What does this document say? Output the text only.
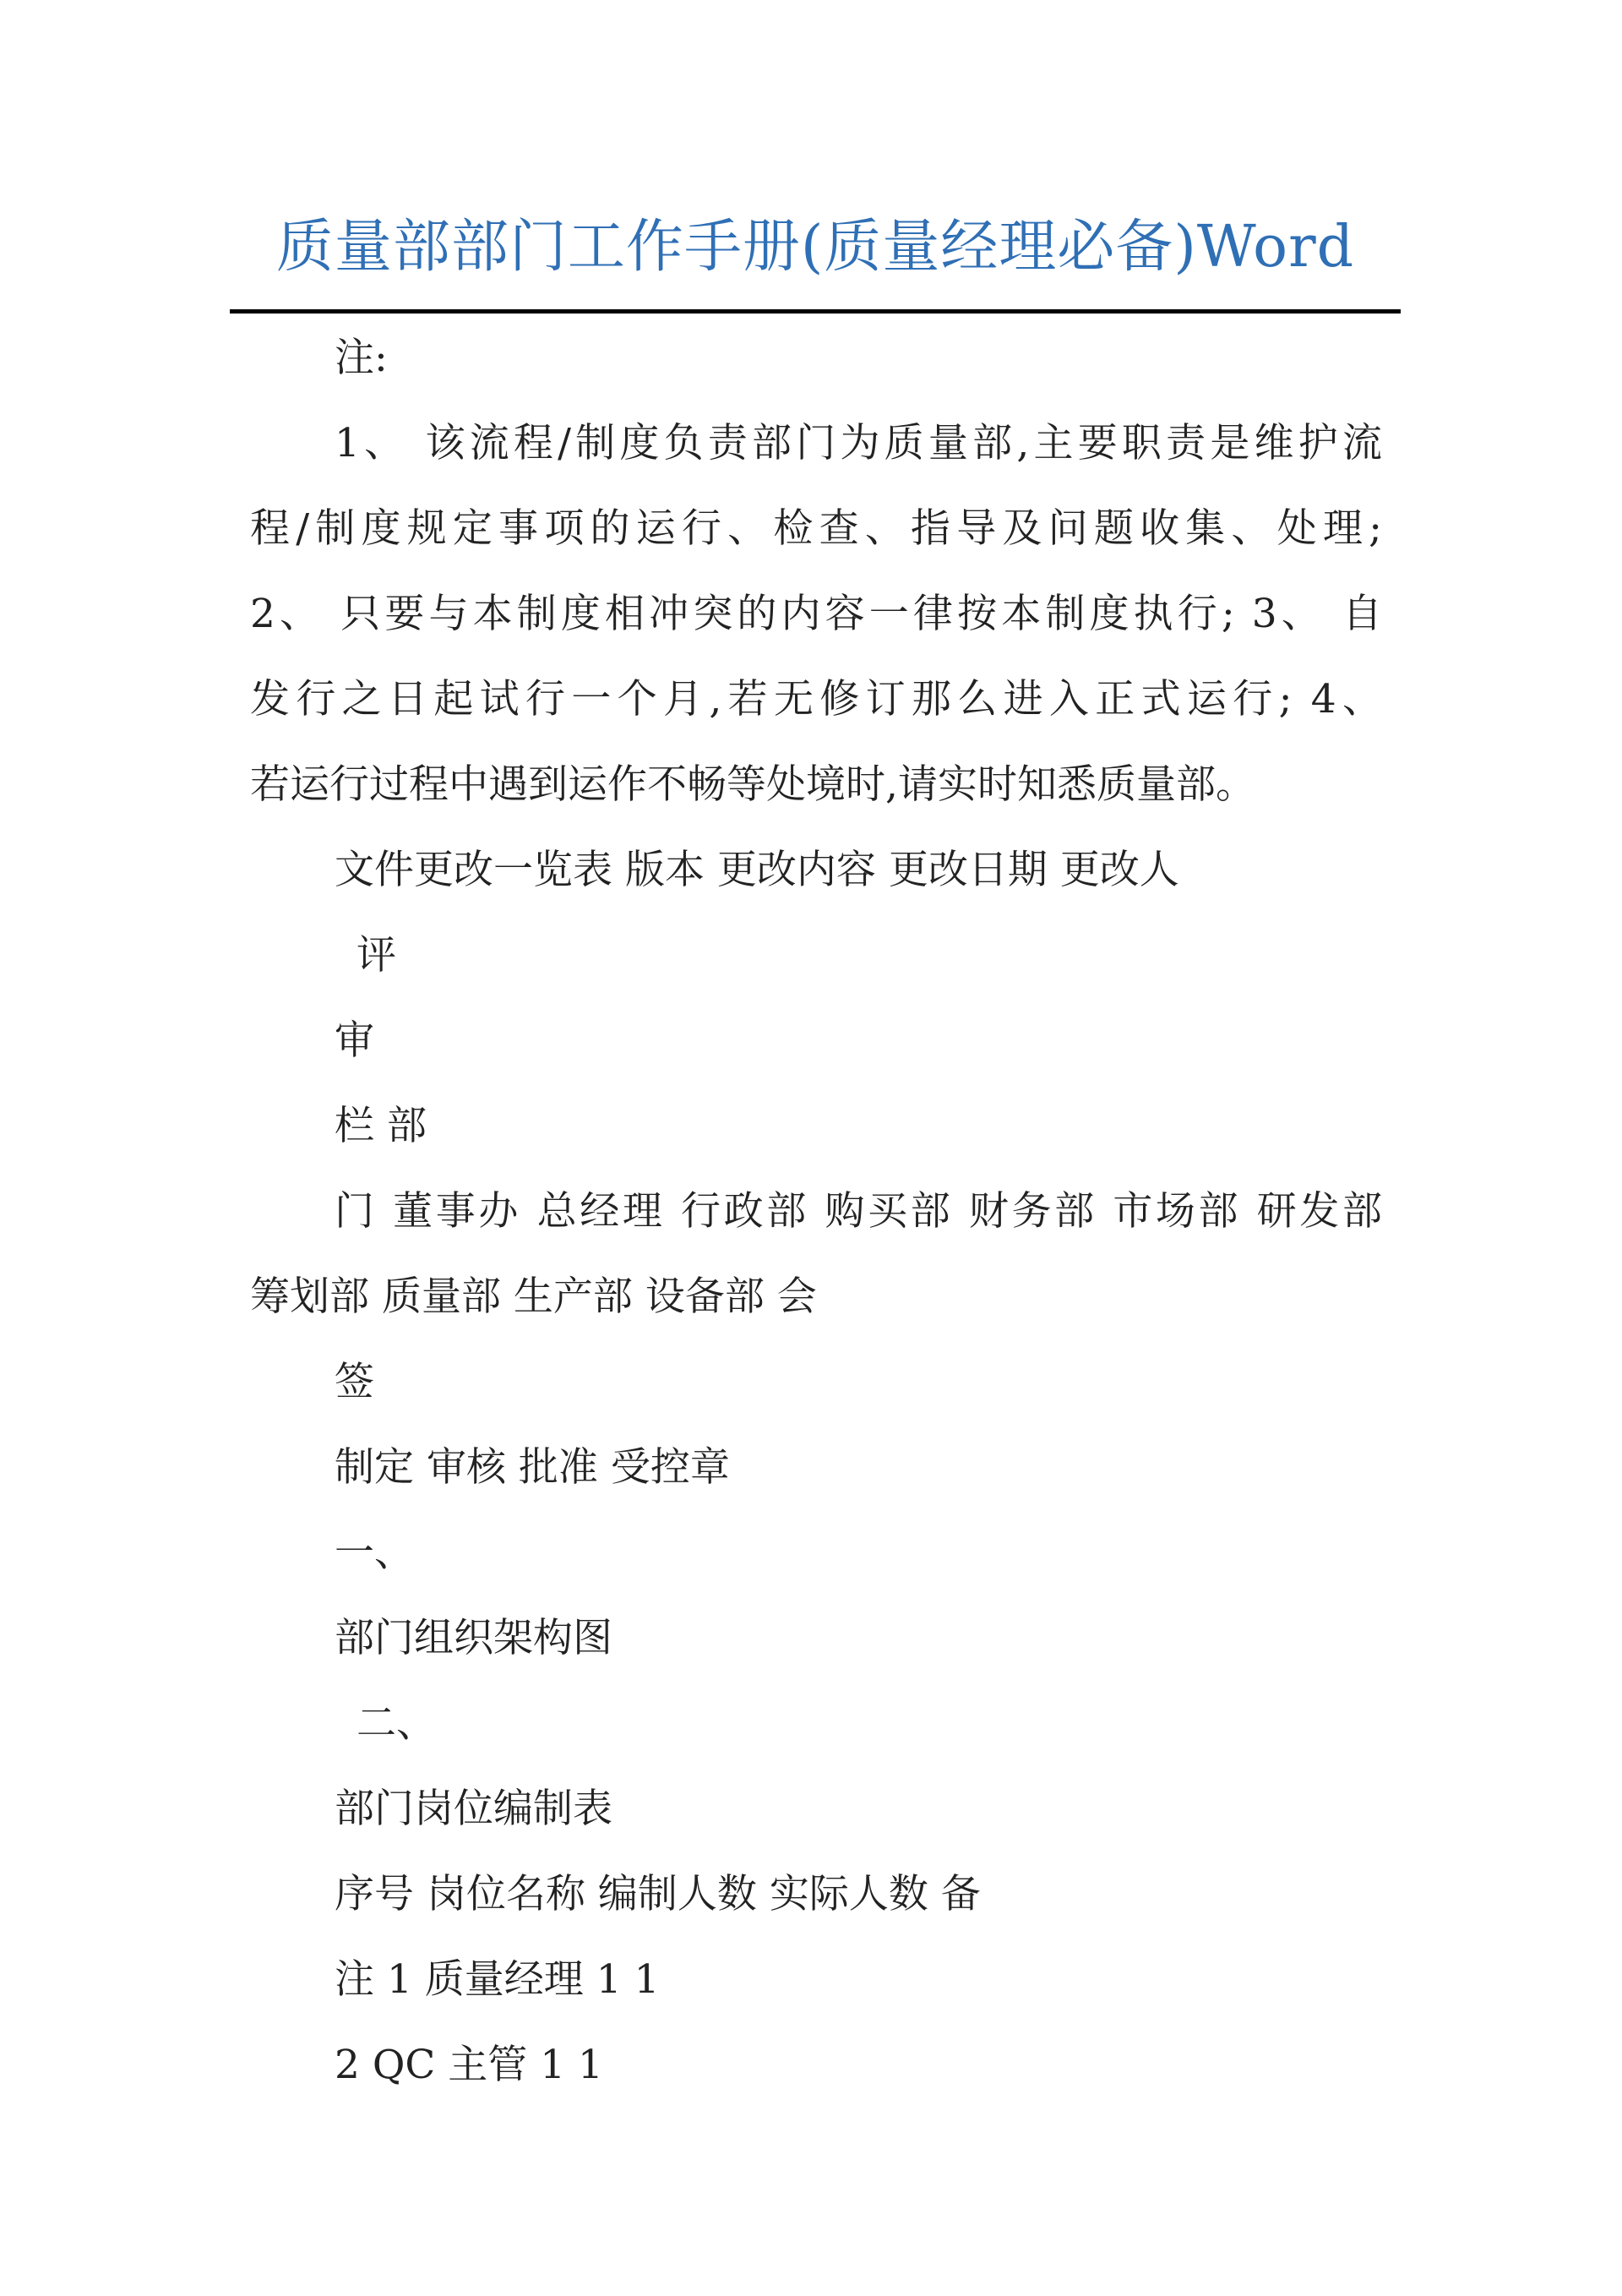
质量部部门工作手册(质量经理必备)Word

注:

1、 该流程/制度负责部门为质量部,主要职责是维护流

程/制度规定事项的运行、检查、指导及问题收集、处理;

2、 只要与本制度相冲突的内容一律按本制度执行; 3、 自

发行之日起试行一个月,若无修订那么进入正式运行; 4、

若运行过程中遇到运作不畅等处境时,请实时知悉质量部。

文件更改一览表 版本 更改内容 更改日期 更改人

评

审

栏 部

门 董事办 总经理 行政部 购买部 财务部 市场部 研发部

筹划部 质量部 生产部 设备部 会

签

制定 审核 批准 受控章

一、

部门组织架构图

二、

部门岗位编制表

序号 岗位名称 编制人数 实际人数 备

注 1 质量经理 1 1

2 QC 主管 1 1
